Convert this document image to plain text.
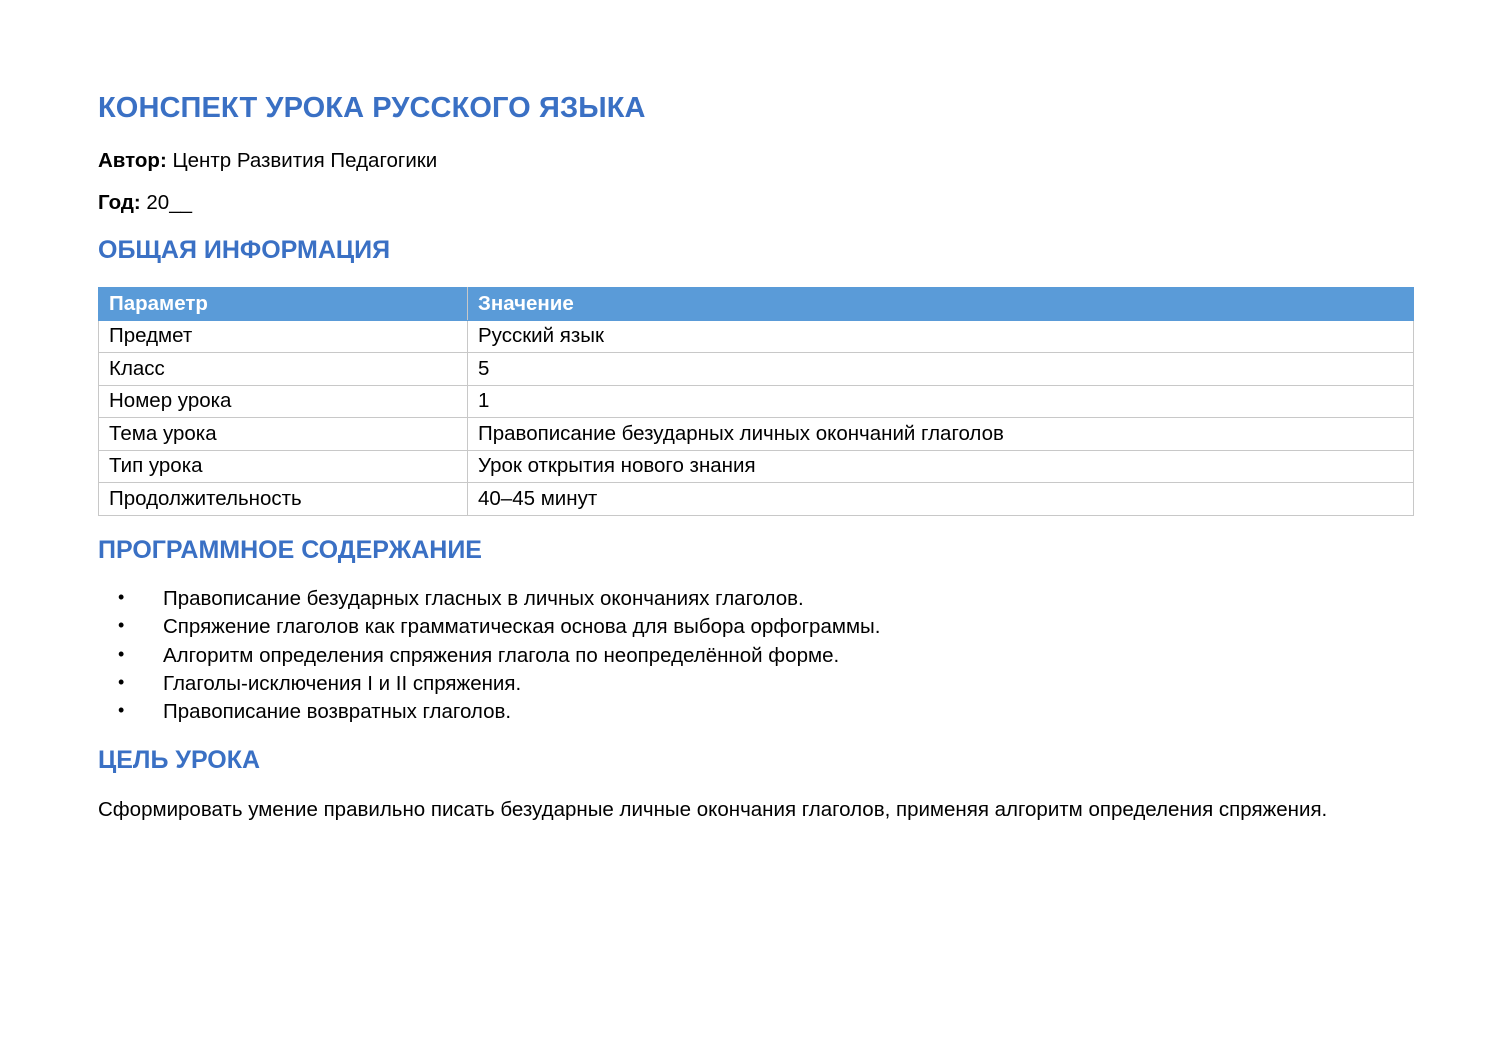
КОНСПЕКТ УРОКА РУССКОГО ЯЗЫКА

Автор: Центр Развития Педагогики

Год: 20__

ОБЩАЯ ИНФОРМАЦИЯ
Параметр	Значение
Предмет	Русский язык
Класс	5
Номер урока	1
Тема урока	Правописание безударных личных окончаний глаголов
Тип урока	Урок открытия нового знания
Продолжительность	40–45 минут
ПРОГРАММНОЕ СОДЕРЖАНИЕ
• Правописание безударных гласных в личных окончаниях глаголов.
• Спряжение глаголов как грамматическая основа для выбора орфограммы.
• Алгоритм определения спряжения глагола по неопределённой форме.
• Глаголы-исключения I и II спряжения.
• Правописание возвратных глаголов.
ЦЕЛЬ УРОКА

Сформировать умение правильно писать безударные личные окончания глаголов, применяя алгоритм определения спряжения.
